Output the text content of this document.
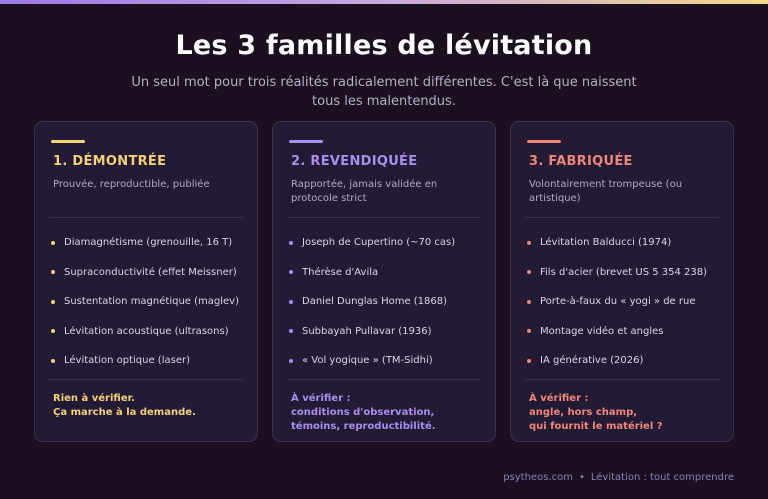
Les 3 familles de lévitation

Un seul mot pour trois réalités radicalement différentes. C'est là que naissent tous les malentendus.

1. DÉMONTRÉE
Prouvée, reproductible, publiée
Diamagnétisme (grenouille, 16 T)
Supraconductivité (effet Meissner)
Sustentation magnétique (maglev)
Lévitation acoustique (ultrasons)
Lévitation optique (laser)
Rien à vérifier.
Ça marche à la demande.
2. REVENDIQUÉE
Rapportée, jamais validée en protocole strict
Joseph de Cupertino (~70 cas)
Thérèse d'Avila
Daniel Dunglas Home (1868)
Subbayah Pullavar (1936)
« Vol yogique » (TM-Sidhi)
À vérifier :
conditions d'observation,
témoins, reproductibilité.
3. FABRIQUÉE
Volontairement trompeuse (ou artistique)
Lévitation Balducci (1974)
Fils d'acier (brevet US 5 354 238)
Porte-à-faux du « yogi » de rue
Montage vidéo et angles
IA générative (2026)
À vérifier :
angle, hors champ,
qui fournit le matériel ?
psytheos.com • Lévitation : tout comprendre
